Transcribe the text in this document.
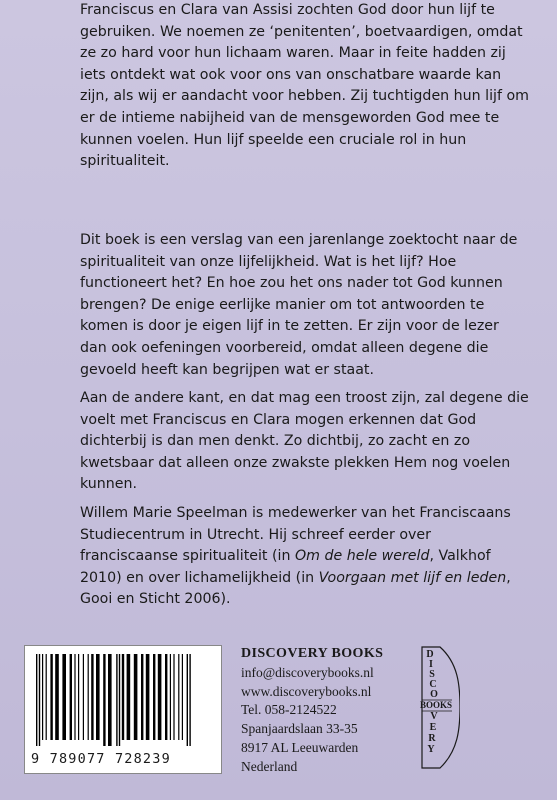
Franciscus en Clara van Assisi zochten God door hun lijf te gebruiken. We noemen ze ‘penitenten’, boetvaardigen, omdat ze zo hard voor hun lichaam waren. Maar in feite hadden zij iets ontdekt wat ook voor ons van onschatbare waarde kan zijn, als wij er aandacht voor hebben. Zij tuchtigden hun lijf om er de intieme nabijheid van de mensgeworden God mee te kunnen voelen. Hun lijf speelde een cruciale rol in hun spiritualiteit.

Dit boek is een verslag van een jarenlange zoektocht naar de spiritualiteit van onze lijfelijkheid. Wat is het lijf? Hoe functioneert het? En hoe zou het ons nader tot God kunnen brengen? De enige eerlijke manier om tot antwoorden te komen is door je eigen lijf in te zetten. Er zijn voor de lezer dan ook oefeningen voorbereid, omdat alleen degene die gevoeld heeft kan begrijpen wat er staat.

Aan de andere kant, en dat mag een troost zijn, zal degene die voelt met Franciscus en Clara mogen erkennen dat God dichterbij is dan men denkt. Zo dichtbij, zo zacht en zo kwetsbaar dat alleen onze zwakste plekken Hem nog voelen kunnen.

Willem Marie Speelman is medewerker van het Franciscaans Studiecentrum in Utrecht. Hij schreef eerder over franciscaanse spiritualiteit (in Om de hele wereld, Valkhof 2010) en over lichamelijkheid (in Voorgaan met lijf en leden, Gooi en Sticht 2006).

9 789077 728239
DISCOVERY BOOKS
info@discoverybooks.nl
www.discoverybooks.nl
Tel. 058-2124522
Spanjaardslaan 33-35
8917 AL Leeuwarden
Nederland
D
I
S
C
O
BOOKS
V
E
R
Y
